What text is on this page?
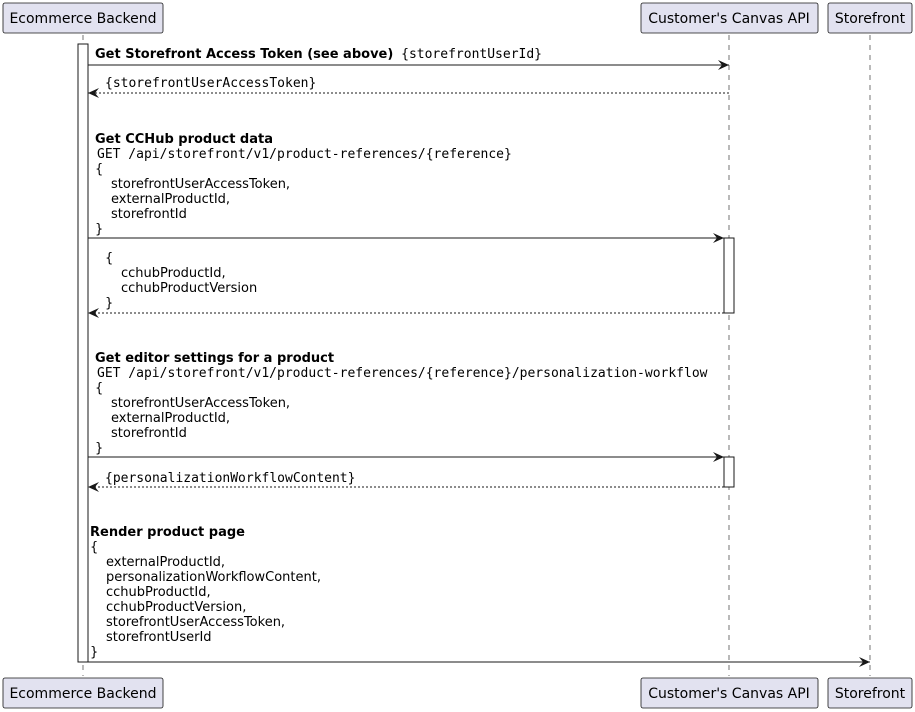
Ecommerce Backend	Customer's Canvas API Storefront
Ecommerce Backend	Customer's Canvas API Storefront
Get Storefront Access Token (see above) {storefrontUserId}
{storefrontUserAccessToken}
Get CCHub product data
GET /api/storefront/v1/product-references/{reference}
{
storefrontUserAccessToken,
externalProductId,
storefrontId
}
{
cchubProductId,
cchubProductVersion
}
Get editor settings for a product
GET /api/storefront/v1/product-references/{reference}/personalization-workflow
{
storefrontUserAccessToken,
externalProductId,
storefrontId
}
{personalizationWorkflowContent}
Render product page
{
externalProductId,
personalizationWorkflowContent,
cchubProductId,
cchubProductVersion,
storefrontUserAccessToken,
storefrontUserId
}
